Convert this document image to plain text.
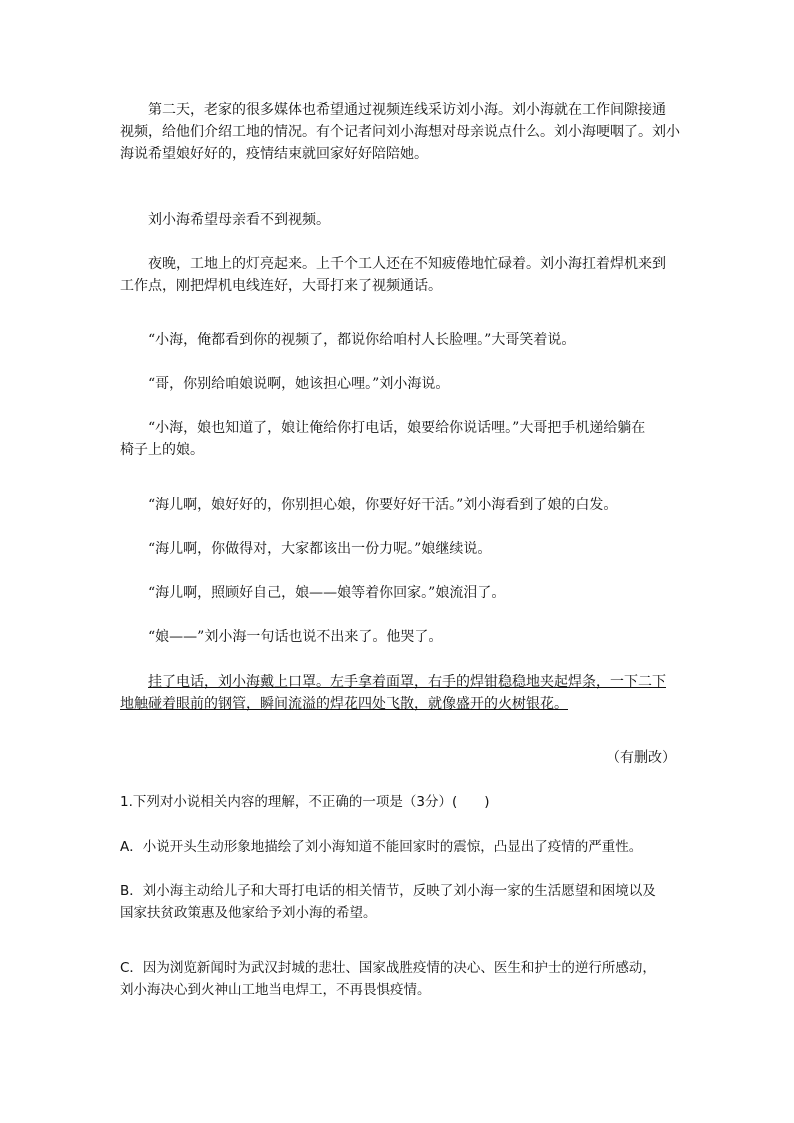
第二天，老家的很多媒体也希望通过视频连线采访刘小海。刘小海就在工作间隙接通
视频，给他们介绍工地的情况。有个记者问刘小海想对母亲说点什么。刘小海哽咽了。刘小
海说希望娘好好的，疫情结束就回家好好陪陪她。

刘小海希望母亲看不到视频。

夜晚，工地上的灯亮起来。上千个工人还在不知疲倦地忙碌着。刘小海扛着焊机来到
工作点，刚把焊机电线连好，大哥打来了视频通话。

“小海，俺都看到你的视频了，都说你给咱村人长脸哩。”大哥笑着说。

“哥，你别给咱娘说啊，她该担心哩。”刘小海说。

“小海，娘也知道了，娘让俺给你打电话，娘要给你说话哩。”大哥把手机递给躺在
椅子上的娘。

“海儿啊，娘好好的，你别担心娘，你要好好干活。”刘小海看到了娘的白发。

“海儿啊，你做得对，大家都该出一份力呢。”娘继续说。

“海儿啊，照顾好自己，娘——娘等着你回家。”娘流泪了。

“娘——”刘小海一句话也说不出来了。他哭了。

挂了电话，刘小海戴上口罩。左手拿着面罩，右手的焊钳稳稳地夹起焊条，一下二下
地触碰着眼前的钢管，瞬间流溢的焊花四处飞散，就像盛开的火树银花。

（有删改）

1.下列对小说相关内容的理解，不正确的一项是（3分）(　　)

A．小说开头生动形象地描绘了刘小海知道不能回家时的震惊，凸显出了疫情的严重性。

B．刘小海主动给儿子和大哥打电话的相关情节，反映了刘小海一家的生活愿望和困境以及
国家扶贫政策惠及他家给予刘小海的希望。
C．因为浏览新闻时为武汉封城的悲壮、国家战胜疫情的决心、医生和护士的逆行所感动，
刘小海决心到火神山工地当电焊工，不再畏惧疫情。
